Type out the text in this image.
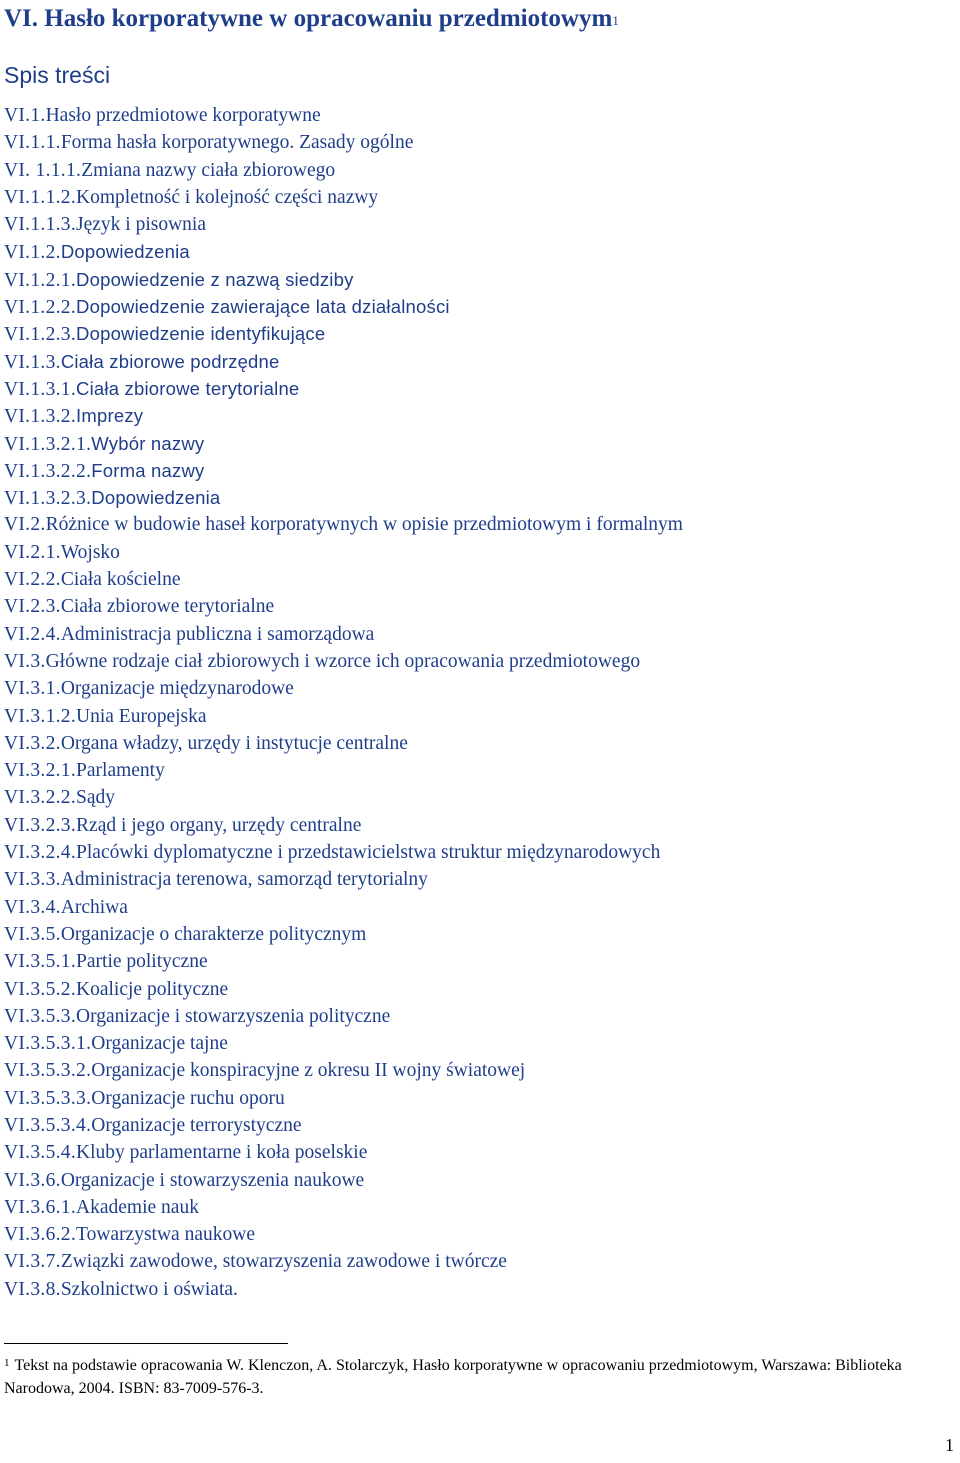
VI. Hasło korporatywne w opracowaniu przedmiotowym$^1$
Spis treści
VI.1.Hasło przedmiotowe korporatywne
VI.1.1.Forma hasła korporatywnego. Zasady ogólne
VI. 1.1.1.Zmiana nazwy ciała zbiorowego
VI.1.1.2.Kompletność i kolejność części nazwy
VI.1.1.3.Język i pisownia
VI.1.2.Dopowiedzenia
VI.1.2.1.Dopowiedzenie z nazwą siedziby
VI.1.2.2.Dopowiedzenie zawierające lata działalności
VI.1.2.3.Dopowiedzenie identyfikujące
VI.1.3.Ciała zbiorowe podrzędne
VI.1.3.1.Ciała zbiorowe terytorialne
VI.1.3.2.Imprezy
VI.1.3.2.1.Wybór nazwy
VI.1.3.2.2.Forma nazwy
VI.1.3.2.3.Dopowiedzenia
VI.2.Różnice w budowie haseł korporatywnych w opisie przedmiotowym i formalnym
VI.2.1.Wojsko
VI.2.2.Ciała kościelne
VI.2.3.Ciała zbiorowe terytorialne
VI.2.4.Administracja publiczna i samorządowa
VI.3.Główne rodzaje ciał zbiorowych i wzorce ich opracowania przedmiotowego
VI.3.1.Organizacje międzynarodowe
VI.3.1.2.Unia Europejska
VI.3.2.Organa władzy, urzędy i instytucje centralne
VI.3.2.1.Parlamenty
VI.3.2.2.Sądy
VI.3.2.3.Rząd i jego organy, urzędy centralne
VI.3.2.4.Placówki dyplomatyczne i przedstawicielstwa struktur międzynarodowych
VI.3.3.Administracja terenowa, samorząd terytorialny
VI.3.4.Archiwa
VI.3.5.Organizacje o charakterze politycznym
VI.3.5.1.Partie polityczne
VI.3.5.2.Koalicje polityczne
VI.3.5.3.Organizacje i stowarzyszenia polityczne
VI.3.5.3.1.Organizacje tajne
VI.3.5.3.2.Organizacje konspiracyjne z okresu II wojny światowej
VI.3.5.3.3.Organizacje ruchu oporu
VI.3.5.3.4.Organizacje terrorystyczne
VI.3.5.4.Kluby parlamentarne i koła poselskie
VI.3.6.Organizacje i stowarzyszenia naukowe
VI.3.6.1.Akademie nauk
VI.3.6.2.Towarzystwa naukowe
VI.3.7.Związki zawodowe, stowarzyszenia zawodowe i twórcze
VI.3.8.Szkolnictwo i oświata.

$^1$ Tekst na podstawie opracowania W. Klenczon, A. Stolarczyk, Hasło korporatywne w opracowaniu przedmiotowym, Warszawa: Biblioteka Narodowa, 2004. ISBN: 83-7009-576-3.

1
